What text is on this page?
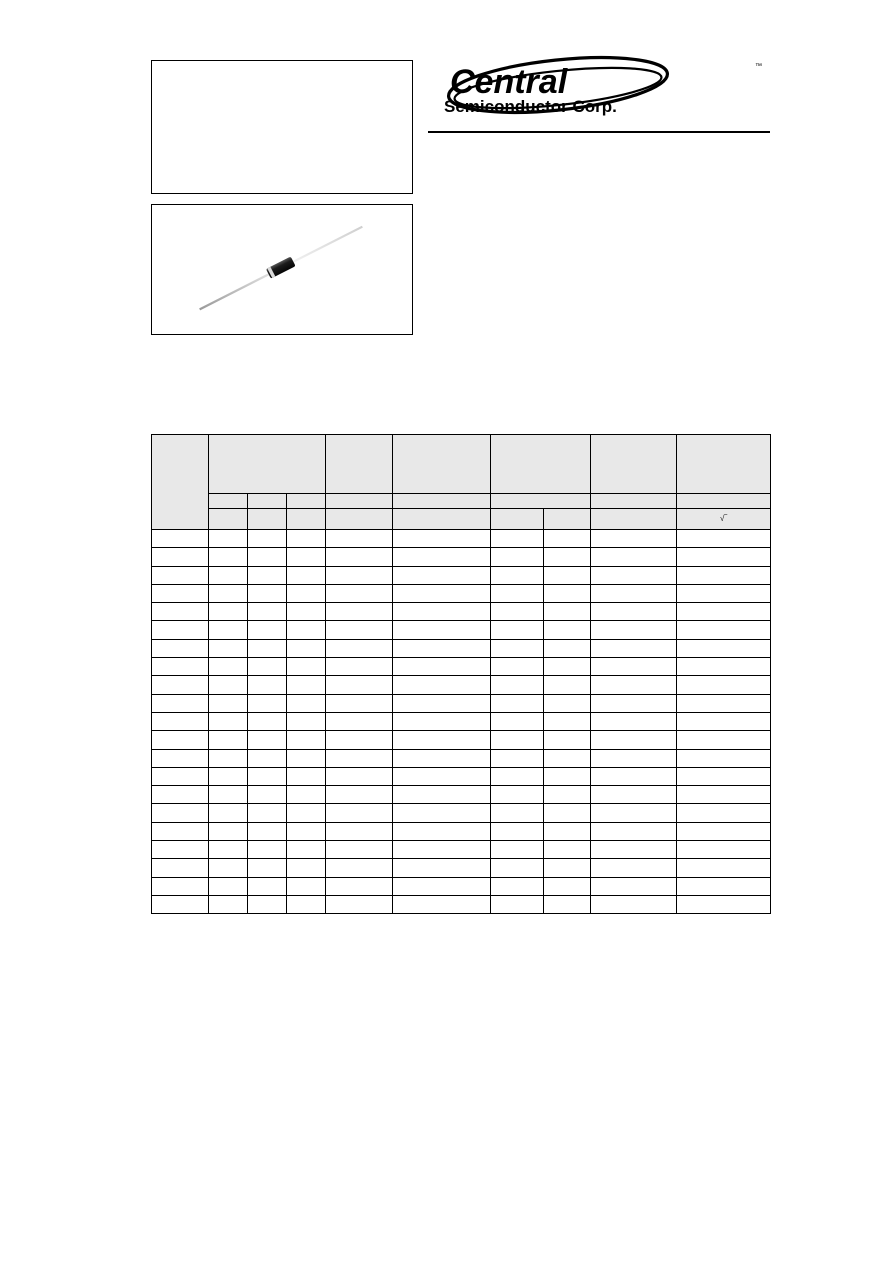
Central
Semiconductor Corp.
™

									√‾
